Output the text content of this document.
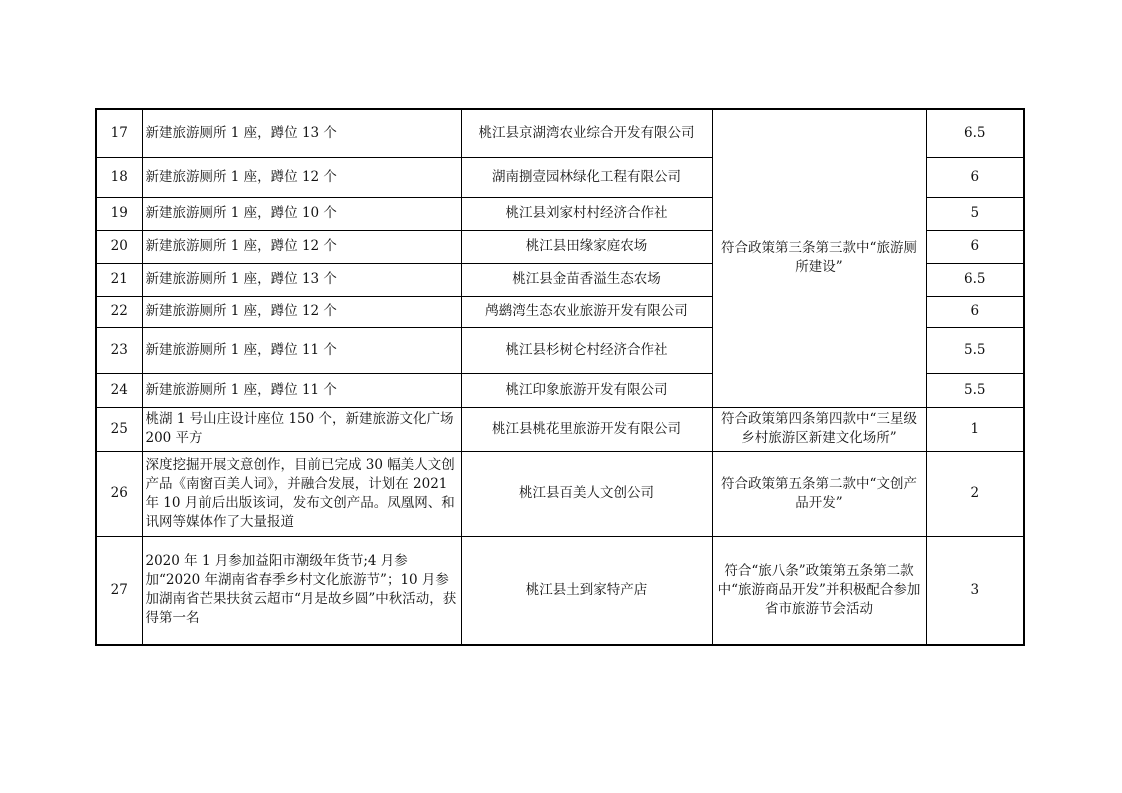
17	新建旅游厕所 1 座，蹲位 13 个	桃江县京湖湾农业综合开发有限公司	符合政策第三条第三款中“旅游厕所建设”	6.5
18	新建旅游厕所 1 座，蹲位 12 个	湖南捌壹园林绿化工程有限公司		6
19	新建旅游厕所 1 座，蹲位 10 个	桃江县刘家村村经济合作社		5
20	新建旅游厕所 1 座，蹲位 12 个	桃江县田缘家庭农场		6
21	新建旅游厕所 1 座，蹲位 13 个	桃江县金苗香溢生态农场		6.5
22	新建旅游厕所 1 座，蹲位 12 个	鸬鹚湾生态农业旅游开发有限公司		6
23	新建旅游厕所 1 座，蹲位 11 个	桃江县杉树仑村经济合作社		5.5
24	新建旅游厕所 1 座，蹲位 11 个	桃江印象旅游开发有限公司		5.5
25	桃湖 1 号山庄设计座位 150 个，新建旅游文化广场 200 平方	桃江县桃花里旅游开发有限公司	符合政策第四条第四款中“三星级乡村旅游区新建文化场所”	1
26	深度挖掘开展文意创作，目前已完成 30 幅美人文创产品《南窗百美人词》，并融合发展，计划在 2021 年 10 月前后出版该词，发布文创产品。凤凰网、和讯网等媒体作了大量报道	桃江县百美人文创公司	符合政策第五条第二款中“文创产品开发”	2
27	2020 年 1 月参加益阳市潮级年货节;4 月参加“2020 年湖南省春季乡村文化旅游节”；10 月参加湖南省芒果扶贫云超市“月是故乡圆”中秋活动，获得第一名	桃江县土到家特产店	符合“旅八条”政策第五条第二款中“旅游商品开发”并积极配合参加省市旅游节会活动	3
